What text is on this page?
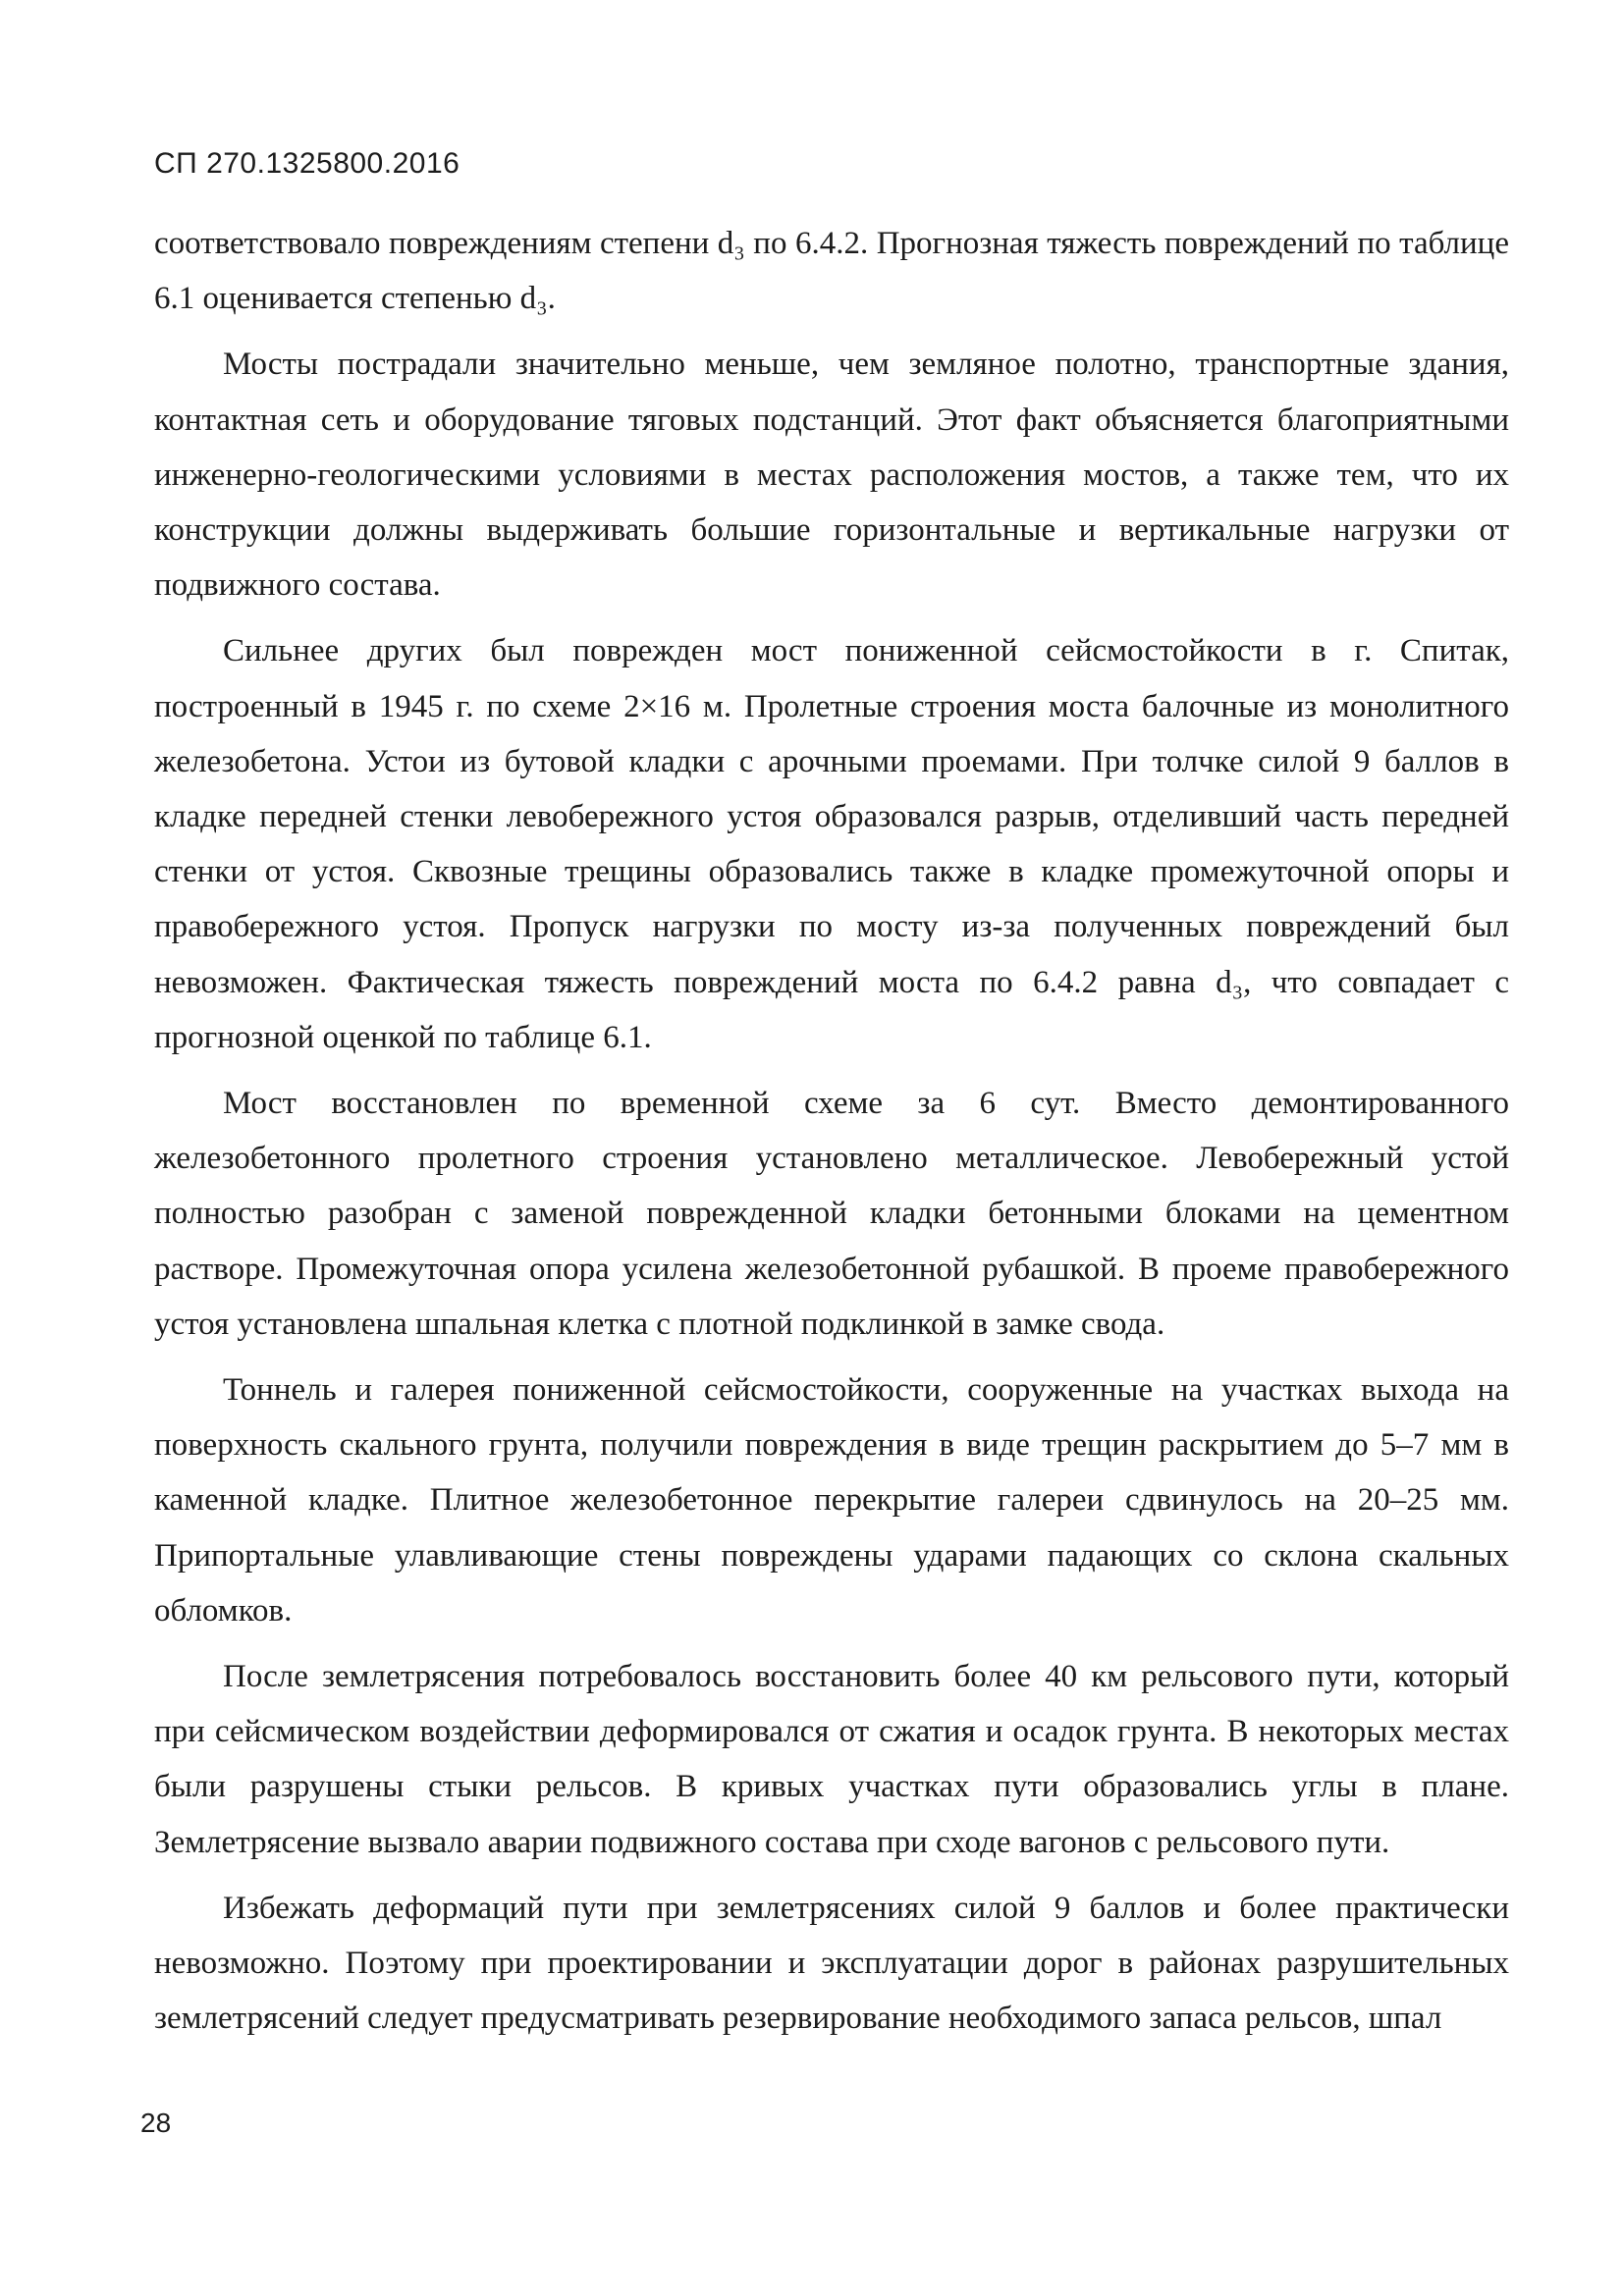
СП 270.1325800.2016

соответствовало повреждениям степени d₃ по 6.4.2. Прогнозная тяжесть повреждений по таблице 6.1 оценивается степенью d₃.

Мосты пострадали значительно меньше, чем земляное полотно, транспортные здания, контактная сеть и оборудование тяговых подстанций. Этот факт объясняется благоприятными инженерно-геологическими условиями в местах расположения мостов, а также тем, что их конструкции должны выдерживать большие горизонтальные и вертикальные нагрузки от подвижного состава.

Сильнее других был поврежден мост пониженной сейсмостойкости в г. Спитак, построенный в 1945 г. по схеме 2×16 м. Пролетные строения моста балочные из монолитного железобетона. Устои из бутовой кладки с арочными проемами. При толчке силой 9 баллов в кладке передней стенки левобережного устоя образовался разрыв, отделивший часть передней стенки от устоя. Сквозные трещины образовались также в кладке промежуточной опоры и правобережного устоя. Пропуск нагрузки по мосту из-за полученных повреждений был невозможен. Фактическая тяжесть повреждений моста по 6.4.2 равна d₃, что совпадает с прогнозной оценкой по таблице 6.1.

Мост восстановлен по временной схеме за 6 сут. Вместо демонтированного железобетонного пролетного строения установлено металлическое. Левобережный устой полностью разобран с заменой поврежденной кладки бетонными блоками на цементном растворе. Промежуточная опора усилена железобетонной рубашкой. В проеме правобережного устоя установлена шпальная клетка с плотной подклинкой в замке свода.

Тоннель и галерея пониженной сейсмостойкости, сооруженные на участках выхода на поверхность скального грунта, получили повреждения в виде трещин раскрытием до 5–7 мм в каменной кладке. Плитное железобетонное перекрытие галереи сдвинулось на 20–25 мм. Припортальные улавливающие стены повреждены ударами падающих со склона скальных обломков.

После землетрясения потребовалось восстановить более 40 км рельсового пути, который при сейсмическом воздействии деформировался от сжатия и осадок грунта. В некоторых местах были разрушены стыки рельсов. В кривых участках пути образовались углы в плане. Землетрясение вызвало аварии подвижного состава при сходе вагонов с рельсового пути.

Избежать деформаций пути при землетрясениях силой 9 баллов и более практически невозможно. Поэтому при проектировании и эксплуатации дорог в районах разрушительных землетрясений следует предусматривать резервирование необходимого запаса рельсов, шпал

28
